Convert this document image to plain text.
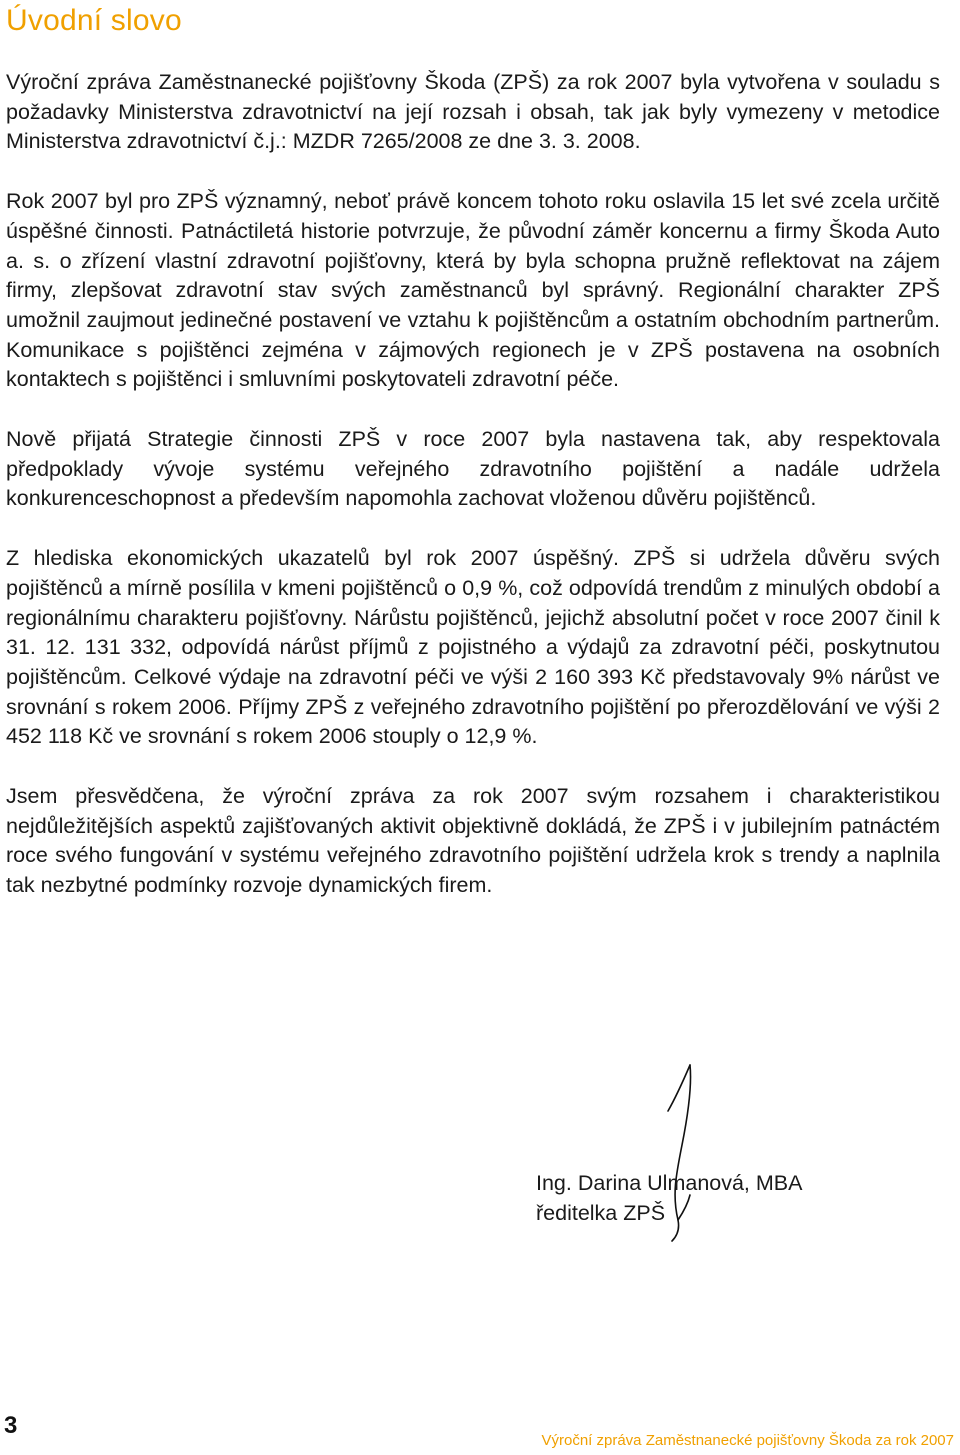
Úvodní slovo

Výroční zpráva Zaměstnanecké pojišťovny Škoda (ZPŠ) za rok 2007 byla vytvořena v souladu s požadavky Ministerstva zdravotnictví na její rozsah i obsah, tak jak byly vymezeny v metodice Ministerstva zdravotnictví č.j.: MZDR 7265/2008 ze dne 3. 3. 2008.

Rok 2007 byl pro ZPŠ významný, neboť právě koncem tohoto roku oslavila 15 let své zcela určitě úspěšné činnosti. Patnáctiletá historie potvrzuje, že původní záměr koncernu a firmy Škoda Auto a. s. o zřízení vlastní zdravotní pojišťovny, která by byla schopna pružně reflektovat na zájem firmy, zlepšovat zdravotní stav svých zaměstnanců byl správný. Regionální charakter ZPŠ umožnil zaujmout jedinečné postavení ve vztahu k pojištěncům a ostatním obchodním partnerům. Komunikace s pojištěnci zejména v zájmových regionech je v ZPŠ postavena na osobních kontaktech s pojištěnci i smluvními poskytovateli zdravotní péče.

Nově přijatá Strategie činnosti ZPŠ v roce 2007 byla nastavena tak, aby respektovala předpoklady vývoje systému veřejného zdravotního pojištění a nadále udržela konkurenceschopnost a především napomohla zachovat vloženou důvěru pojištěnců.

Z hlediska ekonomických ukazatelů byl rok 2007 úspěšný. ZPŠ si udržela důvěru svých pojištěnců a mírně posílila v kmeni pojištěnců o 0,9 %, což odpovídá trendům z minulých období a regionálnímu charakteru pojišťovny. Nárůstu pojištěnců, jejichž absolutní počet v roce 2007 činil k 31. 12. 131 332, odpovídá nárůst příjmů z pojistného a výdajů za zdravotní péči, poskytnutou pojištěncům. Celkové výdaje na zdravotní péči ve výši 2 160 393 Kč představovaly 9% nárůst ve srovnání s rokem 2006. Příjmy ZPŠ z veřejného zdravotního pojištění po přerozdělování ve výši 2 452 118 Kč ve srovnání s rokem 2006 stouply o 12,9 %.

Jsem přesvědčena, že výroční zpráva za rok 2007 svým rozsahem i charakteristikou nejdůležitějších aspektů zajišťovaných aktivit objektivně dokládá, že ZPŠ i v jubilejním patnáctém roce svého fungování v systému veřejného zdravotního pojištění udržela krok s trendy a naplnila tak nezbytné podmínky rozvoje dynamických firem.

Ing. Darina Ulmanová, MBA
ředitelka ZPŠ
3
Výroční zpráva Zaměstnanecké pojišťovny Škoda za rok 2007
